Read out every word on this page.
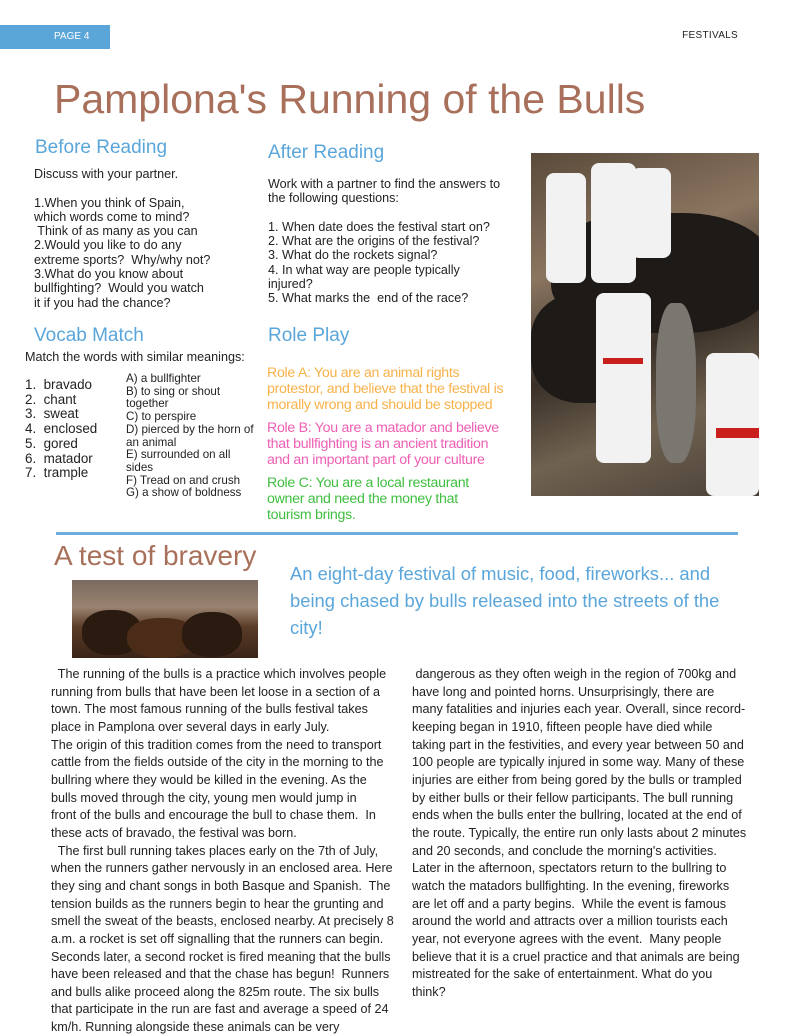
PAGE 4	FESTIVALS
Pamplona's Running of the Bulls
Before Reading
Discuss with your partner.

1.When you think of Spain,
which words come to mind?
Think of as many as you can
2.Would you like to do any
extreme sports?  Why/why not?
3.What do you know about
bullfighting?  Would you watch
it if you had the chance?
After Reading
Work with a partner to find the answers to
the following questions:

1. When date does the festival start on?
2. What are the origins of the festival?
3. What do the rockets signal?
4. In what way are people typically
injured?
5. What marks the  end of the race?
Vocab Match
Match the words with similar meanings:
1.  bravado
2.  chant
3.  sweat
4.  enclosed
5.  gored
6.  matador
7.  trample
A) a bullfighter
B) to sing or shout
together
C) to perspire
D) pierced by the horn of
an animal
E) surrounded on all
sides
F) Tread on and crush
G) a show of boldness
Role Play
Role A: You are an animal rights
protestor, and believe that the festival is
morally wrong and should be stopped
Role B: You are a matador and believe
that bullfighting is an ancient tradition
and an important part of your culture
Role C: You are a local restaurant
owner and need the money that
tourism brings.
A test of bravery
An eight-day festival of music, food, fireworks... and being chased by bulls released into the streets of the city!
The running of the bulls is a practice which involves people
running from bulls that have been let loose in a section of a
town. The most famous running of the bulls festival takes
place in Pamplona over several days in early July.
The origin of this tradition comes from the need to transport
cattle from the fields outside of the city in the morning to the
bullring where they would be killed in the evening. As the
bulls moved through the city, young men would jump in
front of the bulls and encourage the bull to chase them.  In
these acts of bravado, the festival was born.
The first bull running takes places early on the 7th of July,
when the runners gather nervously in an enclosed area. Here
they sing and chant songs in both Basque and Spanish.  The
tension builds as the runners begin to hear the grunting and
smell the sweat of the beasts, enclosed nearby. At precisely 8
a.m. a rocket is set off signalling that the runners can begin.
Seconds later, a second rocket is fired meaning that the bulls
have been released and that the chase has begun!  Runners
and bulls alike proceed along the 825m route. The six bulls
that participate in the run are fast and average a speed of 24
km/h. Running alongside these animals can be very
dangerous as they often weigh in the region of 700kg and
have long and pointed horns. Unsurprisingly, there are
many fatalities and injuries each year. Overall, since record-
keeping began in 1910, fifteen people have died while
taking part in the festivities, and every year between 50 and
100 people are typically injured in some way. Many of these
injuries are either from being gored by the bulls or trampled
by either bulls or their fellow participants. The bull running
ends when the bulls enter the bullring, located at the end of
the route. Typically, the entire run only lasts about 2 minutes
and 20 seconds, and conclude the morning's activities.
Later in the afternoon, spectators return to the bullring to
watch the matadors bullfighting. In the evening, fireworks
are let off and a party begins.  While the event is famous
around the world and attracts over a million tourists each
year, not everyone agrees with the event.  Many people
believe that it is a cruel practice and that animals are being
mistreated for the sake of entertainment. What do you
think?
